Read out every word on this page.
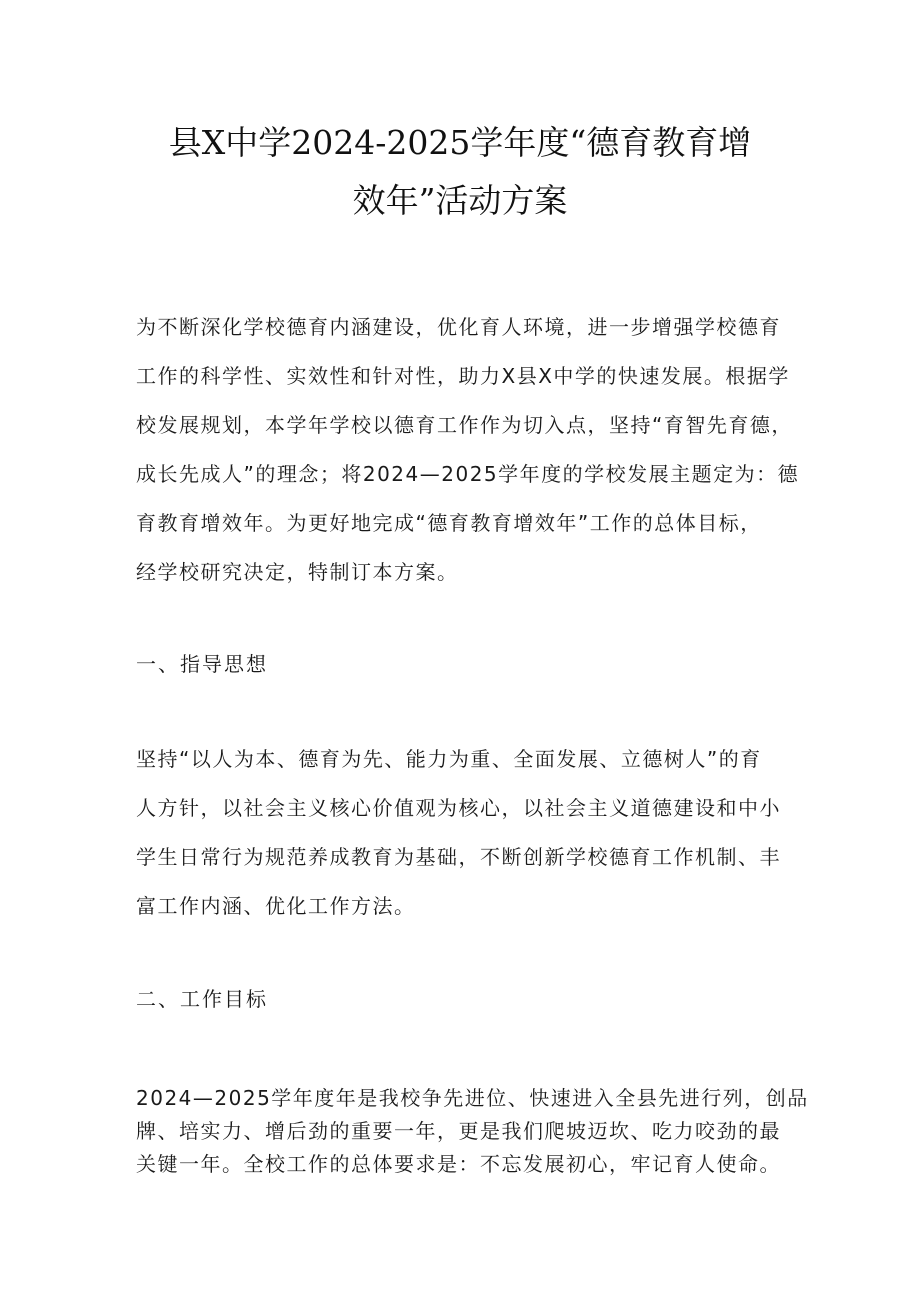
县X中学2024-2025学年度“德育教育增
效年”活动方案
为不断深化学校德育内涵建设，优化育人环境，进一步增强学校德育
工作的科学性、实效性和针对性，助力X县X中学的快速发展。根据学
校发展规划，本学年学校以德育工作作为切入点，坚持“育智先育德，
成长先成人”的理念；将2024—2025学年度的学校发展主题定为：德
育教育增效年。为更好地完成“德育教育增效年”工作的总体目标，
经学校研究决定，特制订本方案。
一、指导思想
坚持“以人为本、德育为先、能力为重、全面发展、立德树人”的育
人方针，以社会主义核心价值观为核心，以社会主义道德建设和中小
学生日常行为规范养成教育为基础，不断创新学校德育工作机制、丰
富工作内涵、优化工作方法。
二、工作目标
2024—2025学年度年是我校争先进位、快速进入全县先进行列，创品
牌、培实力、增后劲的重要一年，更是我们爬坡迈坎、吃力咬劲的最
关键一年。全校工作的总体要求是：不忘发展初心，牢记育人使命。
